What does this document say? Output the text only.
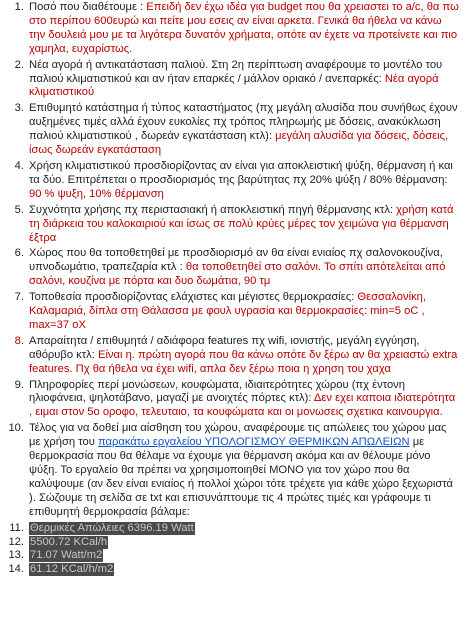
1. Ποσό που διαθέτουμε : Επειδή δεν έχω ιδέα για budget που θα χρειαστει το a/c, θα πω στο περίπου 600ευρώ και πείτε μου εσεις αν είναι αρκετα. Γενικά θα ήθελα να κάνω την δουλειά μου με τα λιγότερα δυνατόν χρήματα, οπότε αν έχετε να προτείνετε και πιο χαμηλα, ευχαρίστως.
2. Νέα αγορά ή αντικατάσταση παλιού. Στη 2η περίπτωση αναφέρουμε το μοντέλο του παλιού κλιματιστικού και αν ήταν επαρκές / μάλλον οριακό / ανεπαρκές: Νέα αγορά κλιματιστικού
3. Επιθυμητό κατάστημα ή τύπος καταστήματος (πχ μεγάλη αλυσίδα που συνήθως έχουν αυξημένες τιμές αλλά έχουν ευκολίες πχ τρόπος πληρωμής με δόσεις, ανακύκλωση παλιού κλιματιστικού , δωρεάν εγκατάσταση κτλ): μεγάλη αλυσίδα για δόσεις, δόσεις, ίσως δωρεάν εγκατάσταση
4. Χρήση κλιματιστικού προσδιορίζοντας αν είναι για αποκλειστική ψύξη, θέρμανση ή και τα δύο. Επιτρέπεται ο προσδιορισμός της βαρύτητας πχ 20% ψύξη / 80% θέρμανση: 90 % ψυξη, 10% θέρμανση
5. Συχνότητα χρήσης πχ περιστασιακή ή αποκλειστική πηγή θέρμανσης κτλ: χρήση κατά τη διάρκεια του καλοκαιριού και ίσως σε πολύ κρύες μέρες τον χειμώνα για θέρμανση έξτρα
6. Χώρος που θα τοποθετηθεί με προσδιορισμό αν θα είναι ενιαίος πχ σαλονοκουζίνα, υπνοδωμάτιο, τραπεζαρία κτλ : θα τοποθετηθεί στο σαλόνι. Το σπίτι απότελείται από σαλόνι, κουζίνα με πόρτα και δυο δωμάτια, 90 τμ
7. Τοποθεσία προσδιορίζοντας ελάχιστες και μέγιστες θερμοκρασίες: Θεσσαλονίκη, Καλαμαριά, δίπλα στη Θάλασσα με φουλ υγρασία και θερμοκρασίες: min=5 oC , max=37 oX
8. Απαραίτητα / επιθυμητά / αδιάφορα features πχ wifi, ιονιστής, μεγάλη εγγύηση, αθόρυβο κτλ: Είναι η. πρώτη αγορά που θα κάνω οπότε δν ξέρω αν θα χρειαστώ extra features. Πχ θα ήθελα να έχει wifi, απλα δεν ξέρω ποια η χρηση του χαχα
9. Πληροφορίες περί μονώσεων, κουφώματα, ιδιαιτερότητες χώρου (πχ έντονη ηλιοφάνεια, ψηλοτάβανο, μαγαζί με ανοιχτές πόρτες κτλ): Δεν εχει καποια ιδιατερότητα , ειμαι στον 5ο οροφο, τελευταιο, τα κουφώματα και οι μονωσεις σχετικα καινουργια.
10. Τέλος για να δοθεί μια αίσθηση του χώρου, αναφέρουμε τις απώλειες του χώρου μας με χρήση του παρακάτω εργαλείου ΥΠΟΛΟΓΙΣΜΟΥ ΘΕΡΜΙΚΩΝ ΑΠΩΛΕΙΩΝ με θερμοκρασία που θα θέλαμε να έχουμε για θέρμανση ακόμα και αν θέλουμε μόνο ψύξη. Το εργαλείο θα πρέπει να χρησιμοποιηθεί ΜΟΝΟ για τον χώρο που θα καλύψουμε (αν δεν είναι ενιαίος ή πολλοί χώροι τότε τρέχετε για κάθε χώρο ξεχωριστά ). Σώζουμε τη σελίδα σε txt και επισυνάπτουμε τις 4 πρώτες τιμές και γράφουμε τι επιθυμητή θερμοκρασία βάλαμε:
11. Θερμικές Απώλειες 6396.19 Watt
12. 5500.72 KCal/h
13. 71.07 Watt/m2
14. 61.12 KCal/h/m2
